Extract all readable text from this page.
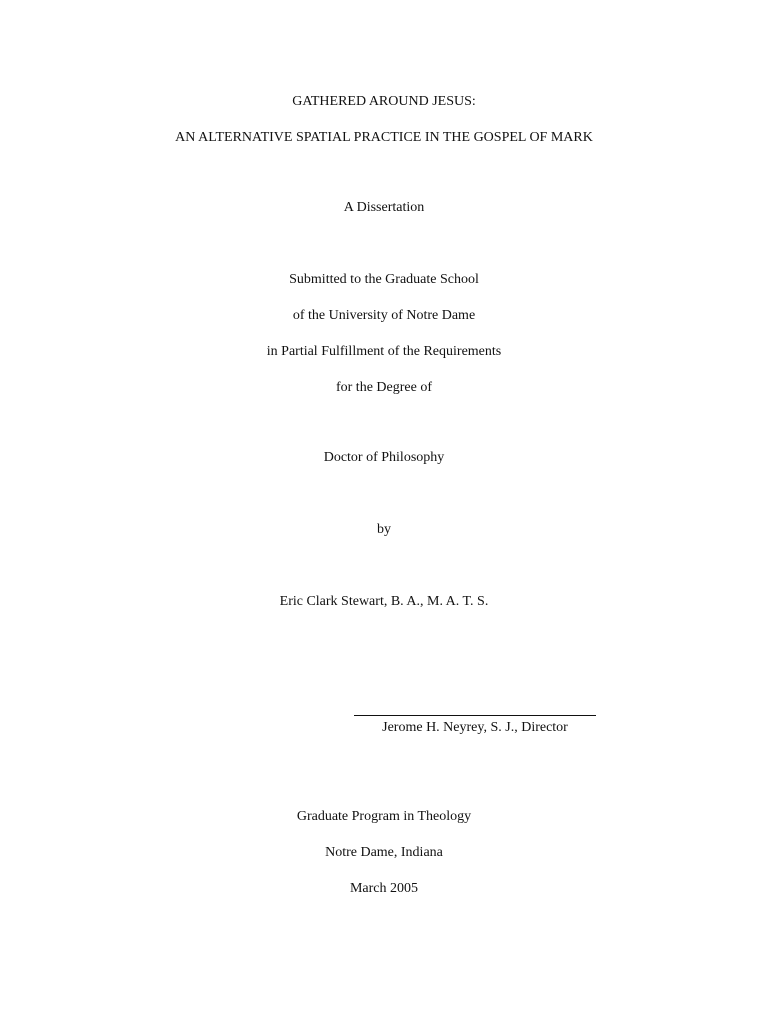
GATHERED AROUND JESUS:
AN ALTERNATIVE SPATIAL PRACTICE IN THE GOSPEL OF MARK
A Dissertation
Submitted to the Graduate School
of the University of Notre Dame
in Partial Fulfillment of the Requirements
for the Degree of
Doctor of Philosophy
by
Eric Clark Stewart, B. A., M. A. T. S.
Jerome H. Neyrey, S. J., Director
Graduate Program in Theology
Notre Dame, Indiana
March 2005
